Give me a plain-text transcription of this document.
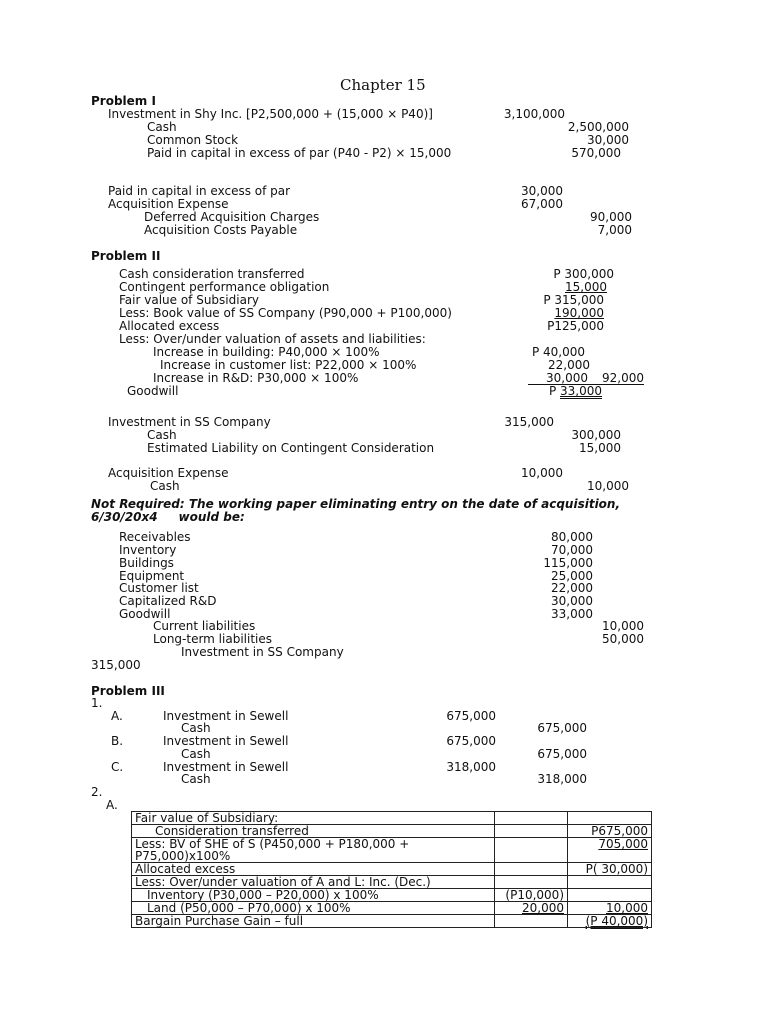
Chapter 15
Problem I
Investment in Shy Inc. [P2,500,000 + (15,000 × P40)]	3,100,000
Cash	2,500,000
Common Stock	30,000
Paid in capital in excess of par (P40 - P2) × 15,000	570,000
Paid in capital in excess of par	30,000
Acquisition Expense	67,000
Deferred Acquisition Charges	90,000
Acquisition Costs Payable	7,000
Problem II
Cash consideration transferred	P 300,000
Contingent performance obligation	15,000
Fair value of Subsidiary	P 315,000
Less: Book value of SS Company (P90,000 + P100,000)	190,000
Allocated excess	P125,000
Less: Over/under valuation of assets and liabilities:
Increase in building: P40,000 × 100%	P 40,000
Increase in customer list: P22,000 × 100%	22,000
Increase in R&D: P30,000 × 100%	30,000	92,000
Goodwill	P 33,000
Investment in SS Company	315,000
Cash	300,000
Estimated Liability on Contingent Consideration	15,000
Acquisition Expense	10,000
Cash	10,000
Not Required: The working paper eliminating entry on the date of acquisition,
6/30/20x4     would be:
Receivables	80,000
Inventory	70,000
Buildings	115,000
Equipment	25,000
Customer list	22,000
Capitalized R&D	30,000
Goodwill	33,000
Current liabilities	10,000
Long-term liabilities	50,000
Investment in SS Company
315,000
Problem III
1.
A.	Investment in Sewell	675,000
Cash	675,000
B.	Investment in Sewell	675,000
Cash	675,000
C.	Investment in Sewell	318,000
Cash	318,000
2.
A.
Fair value of Subsidiary:		
Consideration transferred		P675,000
Less: BV of SHE of S (P450,000 + P180,000 + P75,000)x100%		705,000
Allocated excess		P( 30,000)
Less: Over/under valuation of A and L: Inc. (Dec.)		
Inventory (P30,000 – P20,000) x 100%	(P10,000)	
Land (P50,000 – P70,000) x 100%	20,000	10,000
Bargain Purchase Gain – full		(P 40,000)
